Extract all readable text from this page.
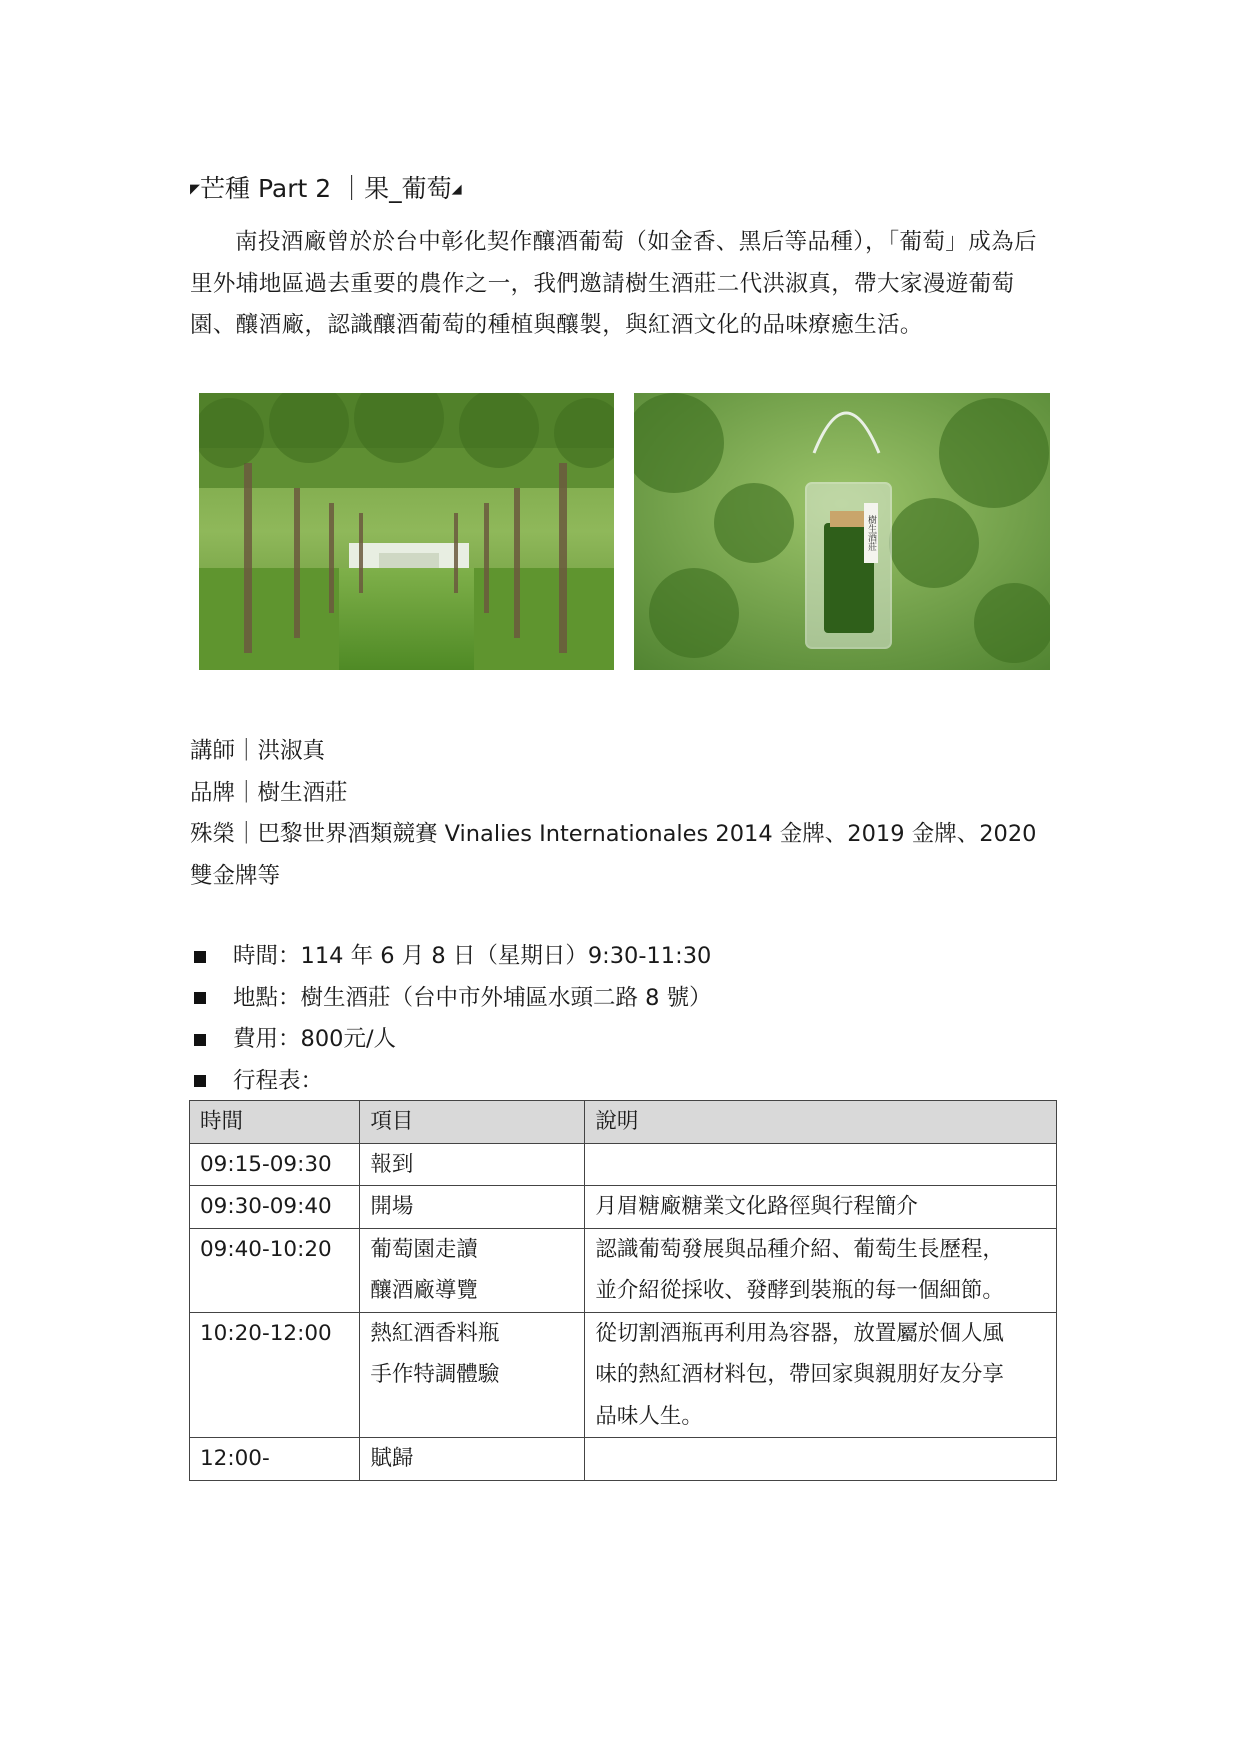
◤芒種 Part 2 ｜果_葡萄◢
南投酒廠曾於於台中彰化契作釀酒葡萄（如金香、黑后等品種），「葡萄」成為后里外埔地區過去重要的農作之一，我們邀請樹生酒莊二代洪淑真，帶大家漫遊葡萄園、釀酒廠，認識釀酒葡萄的種植與釀製，與紅酒文化的品味療癒生活。
樹生酒莊

講師｜洪淑真

品牌｜樹生酒莊

殊榮｜巴黎世界酒類競賽 Vinalies Internationales 2014 金牌、2019 金牌、2020 雙金牌等

時間：114 年 6 月 8 日（星期日）9:30-11:30
地點：樹生酒莊（台中市外埔區水頭二路 8 號）
費用：800元/人
行程表：
時間	項目	說明
09:15-09:30	報到	

09:30-09:40	開場	月眉糖廠糖業文化路徑與行程簡介

09:40-10:20	葡萄園走讀
釀酒廠導覽	認識葡萄發展與品種介紹、葡萄生長歷程，
並介紹從採收、發酵到裝瓶的每一個細節。

10:20-12:00	熱紅酒香料瓶
手作特調體驗	從切割酒瓶再利用為容器，放置屬於個人風
味的熱紅酒材料包，帶回家與親朋好友分享
品味人生。

12:00-	賦歸	
